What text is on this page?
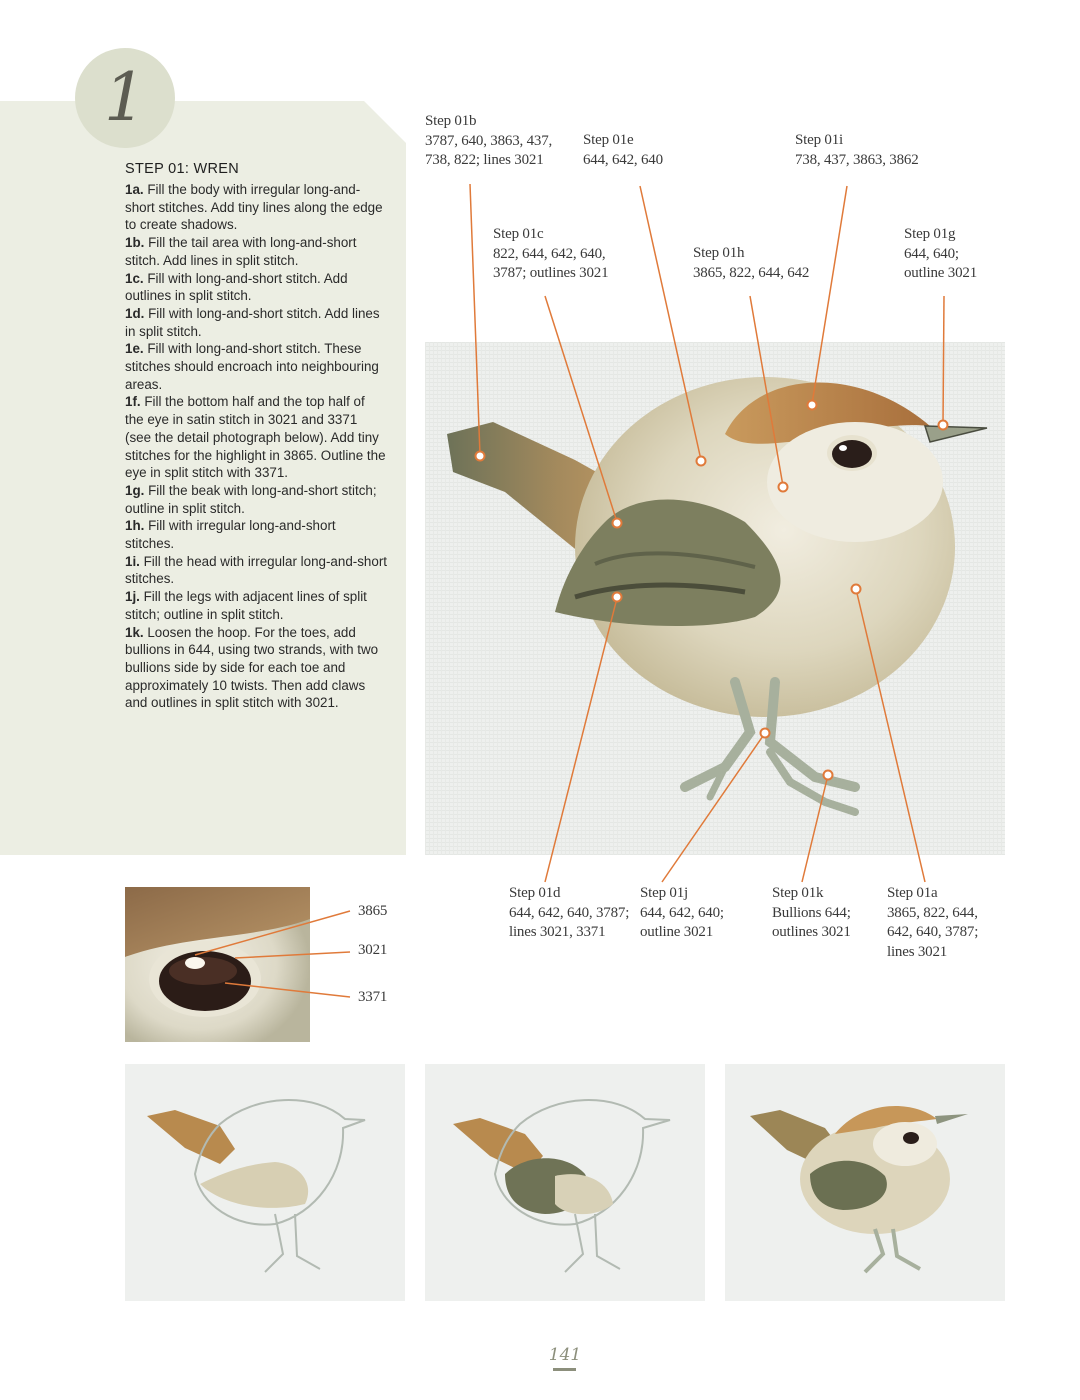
1
STEP 01: WREN

1a. Fill the body with irregular long-and-short stitches. Add tiny lines along the edge to create shadows.

1b. Fill the tail area with long-and-short stitch. Add lines in split stitch.

1c. Fill with long-and-short stitch. Add outlines in split stitch.

1d. Fill with long-and-short stitch. Add lines in split stitch.

1e. Fill with long-and-short stitch. These stitches should encroach into neighbouring areas.

1f. Fill the bottom half and the top half of the eye in satin stitch in 3021 and 3371 (see the detail photograph below). Add tiny stitches for the highlight in 3865. Outline the eye in split stitch with 3371.

1g. Fill the beak with long-and-short stitch; outline in split stitch.

1h. Fill with irregular long-and-short stitches.

1i. Fill the head with irregular long-and-short stitches.

1j. Fill the legs with adjacent lines of split stitch; outline in split stitch.

1k. Loosen the hoop. For the toes, add bullions in 644, using two strands, with two bullions side by side for each toe and approximately 10 twists. Then add claws and outlines in split stitch with 3021.

Step 01b
3787, 640, 3863, 437,
738, 822; lines 3021
Step 01e
644, 642, 640
Step 01i
738, 437, 3863, 3862
Step 01c
822, 644, 642, 640,
3787; outlines 3021
Step 01h
3865, 822, 644, 642
Step 01g
644, 640;
outline 3021
Step 01d
644, 642, 640, 3787;
lines 3021, 3371
Step 01j
644, 642, 640;
outline 3021
Step 01k
Bullions 644;
outlines 3021
Step 01a
3865, 822, 644,
642, 640, 3787;
lines 3021
3865
3021
3371
141
